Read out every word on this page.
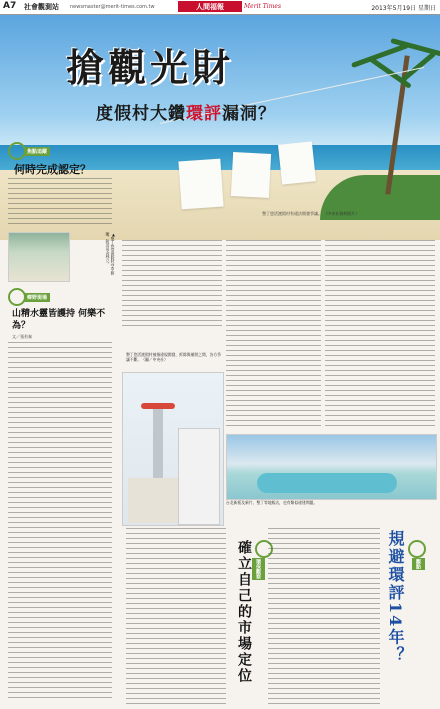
A7 社會觀測站 newsmaster@merit-times.com.tw	人間福報	Merit Times	2013年5月19日 星期日
搶觀光財
度假村大鑽環評漏洞？
墾丁悠活渡假村有違法開發爭議。 （中央社資料照片）
焦點追蹤
何時完成認定？
▲墾丁悠活渡假村空中俯瞰，附近房舍林立。
鄉野現場
山精水靈皆護持 何樂不為？
文／張若秦
墾丁悠活渡假村被指違規開發，拆除與補照之間，各方爭議不斷。（圖／中央社）
台北新板及新竹、墾丁等地飯店，也有類似違建問題。
環保觀察
確立自己的市場定位	觀點
規避環評14年？
